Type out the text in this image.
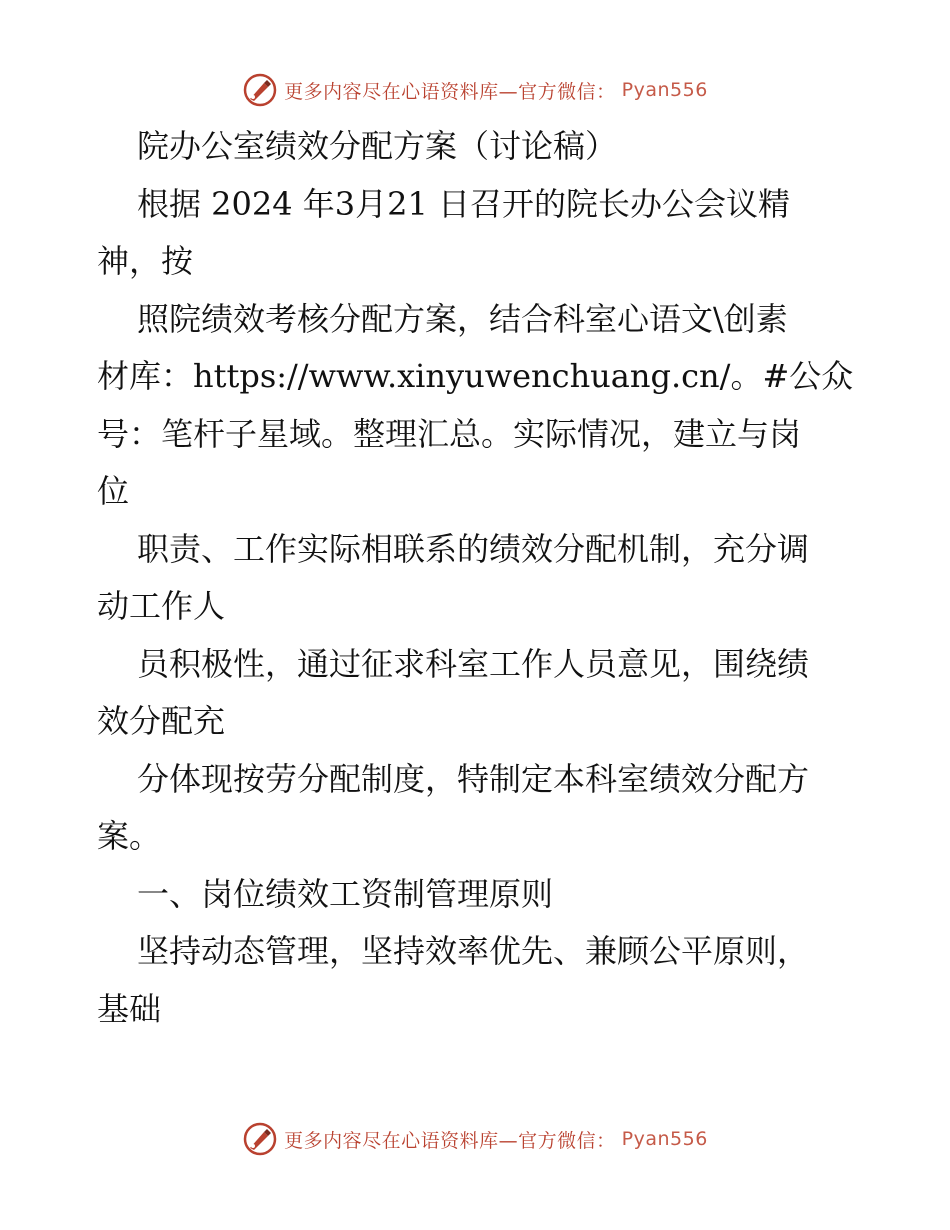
更多内容尽在心语资料库—官方微信： Pyan556
院办公室绩效分配方案（讨论稿）
根据 2024 年3月21 日召开的院长办公会议精
神，按
照院绩效考核分配方案，结合科室心语文\创素
材库：https://www.xinyuwenchuang.cn/。#公众
号：笔杆子星域。整理汇总。实际情况，建立与岗
位
职责、工作实际相联系的绩效分配机制，充分调
动工作人
员积极性，通过征求科室工作人员意见，围绕绩
效分配充
分体现按劳分配制度，特制定本科室绩效分配方
案。
一、岗位绩效工资制管理原则
坚持动态管理，坚持效率优先、兼顾公平原则，
基础
更多内容尽在心语资料库—官方微信： Pyan556
